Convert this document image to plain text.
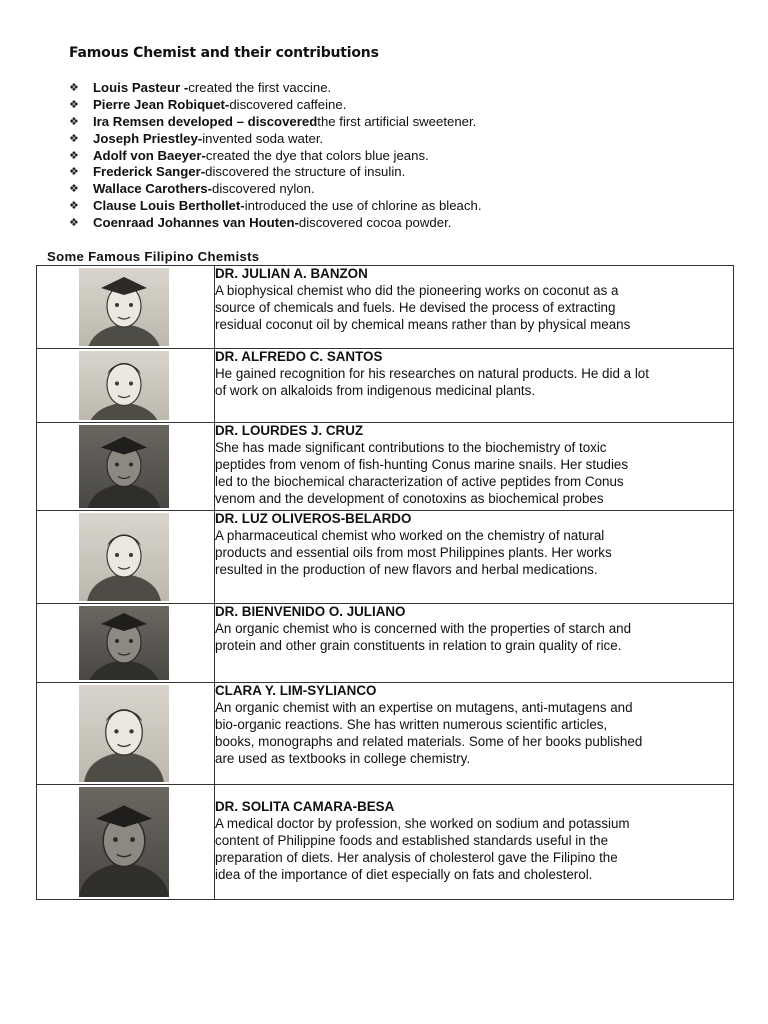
Famous Chemist and their contributions
❖	Louis Pasteur - created the first vaccine.
❖	Pierre Jean Robiquet- discovered caffeine.
❖	Ira Remsen developed – discovered the first artificial sweetener.
❖	Joseph Priestley- invented soda water.
❖	Adolf von Baeyer- created the dye that colors blue jeans.
❖	Frederick Sanger- discovered the structure of insulin.
❖	Wallace Carothers- discovered nylon.
❖	Clause Louis Berthollet- introduced the use of chlorine as bleach.
❖	Coenraad Johannes van Houten- discovered cocoa powder.
Some Famous Filipino Chemists

DR. JULIAN A. BANZON
A biophysical chemist who did the pioneering works on coconut as a
source of chemicals and fuels. He devised the process of extracting
residual coconut oil by chemical means rather than by physical means

DR. ALFREDO C. SANTOS
He gained recognition for his researches on natural products. He did a lot
of work on alkaloids from indigenous medicinal plants.

DR. LOURDES J. CRUZ
She has made significant contributions to the biochemistry of toxic
peptides from venom of fish-hunting Conus marine snails. Her studies
led to the biochemical characterization of active peptides from Conus
venom and the development of conotoxins as biochemical probes

DR. LUZ OLIVEROS-BELARDO
A pharmaceutical chemist who worked on the chemistry of natural
products and essential oils from most Philippines plants. Her works
resulted in the production of new flavors and herbal medications.

DR. BIENVENIDO O. JULIANO
An organic chemist who is concerned with the properties of starch and
protein and other grain constituents in relation to grain quality of rice.

CLARA Y. LIM-SYLIANCO
An organic chemist with an expertise on mutagens, anti-mutagens and
bio-organic reactions. She has written numerous scientific articles,
books, monographs and related materials. Some of her books published
are used as textbooks in college chemistry.

DR. SOLITA CAMARA-BESA
A medical doctor by profession, she worked on sodium and potassium
content of Philippine foods and established standards useful in the
preparation of diets. Her analysis of cholesterol gave the Filipino the
idea of the importance of diet especially on fats and cholesterol.
